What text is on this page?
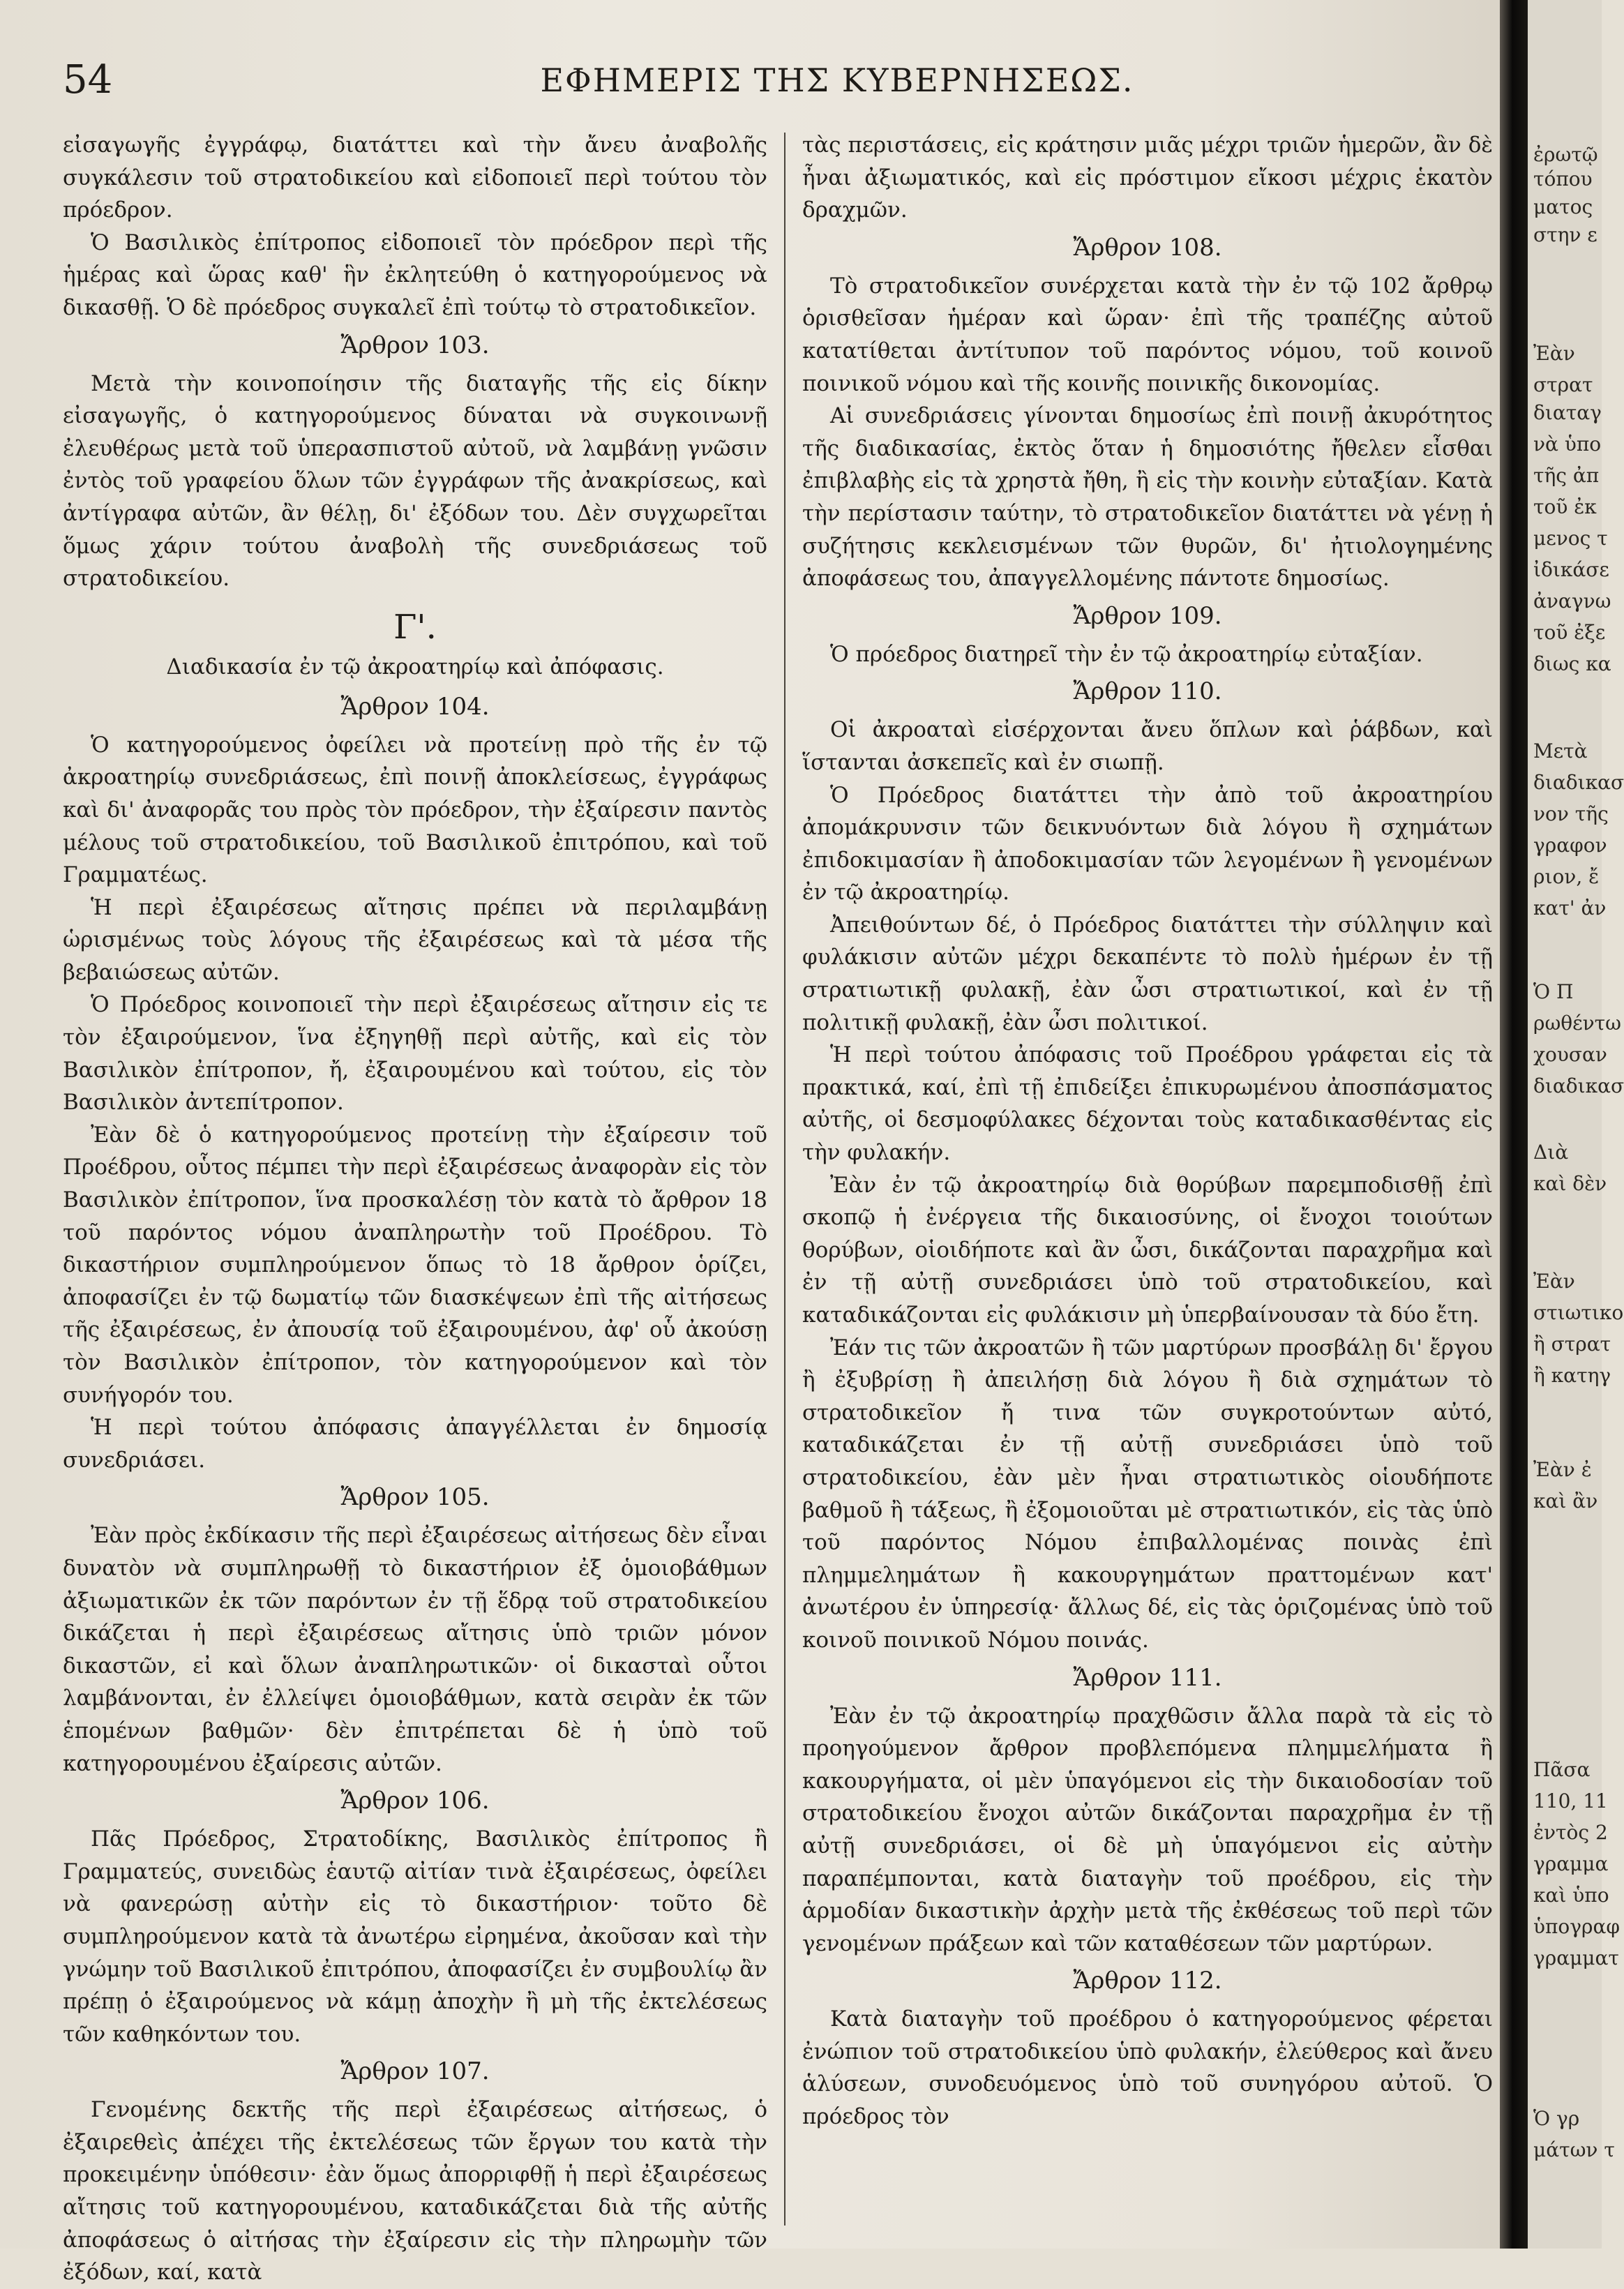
54	ΕΦΗΜΕΡΙΣ ΤΗΣ ΚΥΒΕΡΝΗΣΕΩΣ.

εἰσαγωγῆς ἐγγράφῳ, διατάττει καὶ τὴν ἄνευ ἀναβολῆς συγκάλεσιν τοῦ στρατοδικείου καὶ εἰδοποιεῖ περὶ τούτου τὸν πρόεδρον.

Ὁ Βασιλικὸς ἐπίτροπος εἰδοποιεῖ τὸν πρόεδρον περὶ τῆς ἡμέρας καὶ ὥρας καθ' ἣν ἐκλητεύθη ὁ κατηγορούμενος νὰ δικασθῇ. Ὁ δὲ πρόεδρος συγκαλεῖ ἐπὶ τούτῳ τὸ στρατοδικεῖον.

Ἄρθρον 103.

Μετὰ τὴν κοινοποίησιν τῆς διαταγῆς τῆς εἰς δίκην εἰσαγωγῆς, ὁ κατηγορούμενος δύναται νὰ συγκοινωνῇ ἐλευθέρως μετὰ τοῦ ὑπερασπιστοῦ αὐτοῦ, νὰ λαμβάνῃ γνῶσιν ἐντὸς τοῦ γραφείου ὅλων τῶν ἐγγράφων τῆς ἀνακρίσεως, καὶ ἀντίγραφα αὐτῶν, ἂν θέλῃ, δι' ἐξόδων του. Δὲν συγχωρεῖται ὅμως χάριν τούτου ἀναβολὴ τῆς συνεδριάσεως τοῦ στρατοδικείου.

Γ'.
Διαδικασία ἐν τῷ ἀκροατηρίῳ καὶ ἀπόφασις.
Ἄρθρον 104.

Ὁ κατηγορούμενος ὀφείλει νὰ προτείνῃ πρὸ τῆς ἐν τῷ ἀκροατηρίῳ συνεδριάσεως, ἐπὶ ποινῇ ἀποκλείσεως, ἐγγράφως καὶ δι' ἀναφορᾶς του πρὸς τὸν πρόεδρον, τὴν ἐξαίρεσιν παντὸς μέλους τοῦ στρατοδικείου, τοῦ Βασιλικοῦ ἐπιτρόπου, καὶ τοῦ Γραμματέως.

Ἡ περὶ ἐξαιρέσεως αἴτησις πρέπει νὰ περιλαμβάνῃ ὡρισμένως τοὺς λόγους τῆς ἐξαιρέσεως καὶ τὰ μέσα τῆς βεβαιώσεως αὐτῶν.

Ὁ Πρόεδρος κοινοποιεῖ τὴν περὶ ἐξαιρέσεως αἴτησιν εἰς τε τὸν ἐξαιρούμενον, ἵνα ἐξηγηθῇ περὶ αὐτῆς, καὶ εἰς τὸν Βασιλικὸν ἐπίτροπον, ἤ, ἐξαιρουμένου καὶ τούτου, εἰς τὸν Βασιλικὸν ἀντεπίτροπον.

Ἐὰν δὲ ὁ κατηγορούμενος προτείνῃ τὴν ἐξαίρεσιν τοῦ Προέδρου, οὗτος πέμπει τὴν περὶ ἐξαιρέσεως ἀναφορὰν εἰς τὸν Βασιλικὸν ἐπίτροπον, ἵνα προσκαλέσῃ τὸν κατὰ τὸ ἄρθρον 18 τοῦ παρόντος νόμου ἀναπληρωτὴν τοῦ Προέδρου. Τὸ δικαστήριον συμπληρούμενον ὅπως τὸ 18 ἄρθρον ὁρίζει, ἀποφασίζει ἐν τῷ δωματίῳ τῶν διασκέψεων ἐπὶ τῆς αἰτήσεως τῆς ἐξαιρέσεως, ἐν ἀπουσίᾳ τοῦ ἐξαιρουμένου, ἀφ' οὗ ἀκούσῃ τὸν Βασιλικὸν ἐπίτροπον, τὸν κατηγορούμενον καὶ τὸν συνήγορόν του.

Ἡ περὶ τούτου ἀπόφασις ἀπαγγέλλεται ἐν δημοσίᾳ συνεδριάσει.

Ἄρθρον 105.

Ἐὰν πρὸς ἐκδίκασιν τῆς περὶ ἐξαιρέσεως αἰτήσεως δὲν εἶναι δυνατὸν νὰ συμπληρωθῇ τὸ δικαστήριον ἐξ ὁμοιοβάθμων ἀξιωματικῶν ἐκ τῶν παρόντων ἐν τῇ ἕδρᾳ τοῦ στρατοδικείου δικάζεται ἡ περὶ ἐξαιρέσεως αἴτησις ὑπὸ τριῶν μόνον δικαστῶν, εἰ καὶ ὅλων ἀναπληρωτικῶν· οἱ δικασταὶ οὗτοι λαμβάνονται, ἐν ἐλλείψει ὁμοιοβάθμων, κατὰ σειρὰν ἐκ τῶν ἑπομένων βαθμῶν· δὲν ἐπιτρέπεται δὲ ἡ ὑπὸ τοῦ κατηγορουμένου ἐξαίρεσις αὐτῶν.

Ἄρθρον 106.

Πᾶς Πρόεδρος, Στρατοδίκης, Βασιλικὸς ἐπίτροπος ἢ Γραμματεύς, συνειδὼς ἑαυτῷ αἰτίαν τινὰ ἐξαιρέσεως, ὀφείλει νὰ φανερώσῃ αὐτὴν εἰς τὸ δικαστήριον· τοῦτο δὲ συμπληρούμενον κατὰ τὰ ἀνωτέρω εἰρημένα, ἀκοῦσαν καὶ τὴν γνώμην τοῦ Βασιλικοῦ ἐπιτρόπου, ἀποφασίζει ἐν συμβουλίῳ ἂν πρέπῃ ὁ ἐξαιρούμενος νὰ κάμῃ ἀποχὴν ἢ μὴ τῆς ἐκτελέσεως τῶν καθηκόντων του.

Ἄρθρον 107.

Γενομένης δεκτῆς τῆς περὶ ἐξαιρέσεως αἰτήσεως, ὁ ἐξαιρεθεὶς ἀπέχει τῆς ἐκτελέσεως τῶν ἔργων του κατὰ τὴν προκειμένην ὑπόθεσιν· ἐὰν ὅμως ἀπορριφθῇ ἡ περὶ ἐξαιρέσεως αἴτησις τοῦ κατηγορουμένου, καταδικάζεται διὰ τῆς αὐτῆς ἀποφάσεως ὁ αἰτήσας τὴν ἐξαίρεσιν εἰς τὴν πληρωμὴν τῶν ἐξόδων, καί, κατὰ

τὰς περιστάσεις, εἰς κράτησιν μιᾶς μέχρι τριῶν ἡμερῶν, ἂν δὲ ἦναι ἀξιωματικός, καὶ εἰς πρόστιμον εἴκοσι μέχρις ἑκατὸν δραχμῶν.

Ἄρθρον 108.

Τὸ στρατοδικεῖον συνέρχεται κατὰ τὴν ἐν τῷ 102 ἄρθρῳ ὁρισθεῖσαν ἡμέραν καὶ ὥραν· ἐπὶ τῆς τραπέζης αὐτοῦ κατατίθεται ἀντίτυπον τοῦ παρόντος νόμου, τοῦ κοινοῦ ποινικοῦ νόμου καὶ τῆς κοινῆς ποινικῆς δικονομίας.

Αἱ συνεδριάσεις γίνονται δημοσίως ἐπὶ ποινῇ ἀκυρότητος τῆς διαδικασίας, ἐκτὸς ὅταν ἡ δημοσιότης ἤθελεν εἶσθαι ἐπιβλαβὴς εἰς τὰ χρηστὰ ἤθη, ἢ εἰς τὴν κοινὴν εὐταξίαν. Κατὰ τὴν περίστασιν ταύτην, τὸ στρατοδικεῖον διατάττει νὰ γένῃ ἡ συζήτησις κεκλεισμένων τῶν θυρῶν, δι' ἠτιολογημένης ἀποφάσεως του, ἀπαγγελλομένης πάντοτε δημοσίως.

Ἄρθρον 109.

Ὁ πρόεδρος διατηρεῖ τὴν ἐν τῷ ἀκροατηρίῳ εὐταξίαν.

Ἄρθρον 110.

Οἱ ἀκροαταὶ εἰσέρχονται ἄνευ ὅπλων καὶ ῥάβδων, καὶ ἵστανται ἀσκεπεῖς καὶ ἐν σιωπῇ.

Ὁ Πρόεδρος διατάττει τὴν ἀπὸ τοῦ ἀκροατηρίου ἀπομάκρυνσιν τῶν δεικνυόντων διὰ λόγου ἢ σχημάτων ἐπιδοκιμασίαν ἢ ἀποδοκιμασίαν τῶν λεγομένων ἢ γενομένων ἐν τῷ ἀκροατηρίῳ.

Ἀπειθούντων δέ, ὁ Πρόεδρος διατάττει τὴν σύλληψιν καὶ φυλάκισιν αὐτῶν μέχρι δεκαπέντε τὸ πολὺ ἡμέρων ἐν τῇ στρατιωτικῇ φυλακῇ, ἐὰν ὦσι στρατιωτικοί, καὶ ἐν τῇ πολιτικῇ φυλακῇ, ἐὰν ὦσι πολιτικοί.

Ἡ περὶ τούτου ἀπόφασις τοῦ Προέδρου γράφεται εἰς τὰ πρακτικά, καί, ἐπὶ τῇ ἐπιδείξει ἐπικυρωμένου ἀποσπάσματος αὐτῆς, οἱ δεσμοφύλακες δέχονται τοὺς καταδικασθέντας εἰς τὴν φυλακήν.

Ἐὰν ἐν τῷ ἀκροατηρίῳ διὰ θορύβων παρεμποδισθῇ ἐπὶ σκοπῷ ἡ ἐνέργεια τῆς δικαιοσύνης, οἱ ἔνοχοι τοιούτων θορύβων, οἱοιδήποτε καὶ ἂν ὦσι, δικάζονται παραχρῆμα καὶ ἐν τῇ αὐτῇ συνεδριάσει ὑπὸ τοῦ στρατοδικείου, καὶ καταδικάζονται εἰς φυλάκισιν μὴ ὑπερβαίνουσαν τὰ δύο ἔτη.

Ἐάν τις τῶν ἀκροατῶν ἢ τῶν μαρτύρων προσβάλῃ δι' ἔργου ἢ ἐξυβρίσῃ ἢ ἀπειλήσῃ διὰ λόγου ἢ διὰ σχημάτων τὸ στρατοδικεῖον ἤ τινα τῶν συγκροτούντων αὐτό, καταδικάζεται ἐν τῇ αὐτῇ συνεδριάσει ὑπὸ τοῦ στρατοδικείου, ἐὰν μὲν ἦναι στρατιωτικὸς οἱουδήποτε βαθμοῦ ἢ τάξεως, ἢ ἐξομοιοῦται μὲ στρατιωτικόν, εἰς τὰς ὑπὸ τοῦ παρόντος Νόμου ἐπιβαλλομένας ποινὰς ἐπὶ πλημμελημάτων ἢ κακουργημάτων πραττομένων κατ' ἀνωτέρου ἐν ὑπηρεσίᾳ· ἄλλως δέ, εἰς τὰς ὁριζομένας ὑπὸ τοῦ κοινοῦ ποινικοῦ Νόμου ποινάς.

Ἄρθρον 111.

Ἐὰν ἐν τῷ ἀκροατηρίῳ πραχθῶσιν ἄλλα παρὰ τὰ εἰς τὸ προηγούμενον ἄρθρον προβλεπόμενα πλημμελήματα ἢ κακουργήματα, οἱ μὲν ὑπαγόμενοι εἰς τὴν δικαιοδοσίαν τοῦ στρατοδικείου ἔνοχοι αὐτῶν δικάζονται παραχρῆμα ἐν τῇ αὐτῇ συνεδριάσει, οἱ δὲ μὴ ὑπαγόμενοι εἰς αὐτὴν παραπέμπονται, κατὰ διαταγὴν τοῦ προέδρου, εἰς τὴν ἁρμοδίαν δικαστικὴν ἀρχὴν μετὰ τῆς ἐκθέσεως τοῦ περὶ τῶν γενομένων πράξεων καὶ τῶν καταθέσεων τῶν μαρτύρων.

Ἄρθρον 112.

Κατὰ διαταγὴν τοῦ προέδρου ὁ κατηγορούμενος φέρεται ἐνώπιον τοῦ στρατοδικείου ὑπὸ φυλακήν, ἐλεύθερος καὶ ἄνευ ἁλύσεων, συνοδευόμενος ὑπὸ τοῦ συνηγόρου αὐτοῦ. Ὁ πρόεδρος τὸν

ἐρωτῷ
τόπου
ματος
στην ε
Ἐὰν
στρατ
διαταγ
νὰ ὑπο
τῆς ἀπ
τοῦ ἐκ
μενος τ
ἰδικάσε
ἀναγνω
τοῦ ἐξε
διως κα
Μετὰ
διαδικασ
νον τῆς
γραφον
ριον, ἔ
κατ' ἀν
Ὁ Π
ρωθέντω
χουσαν
διαδικασ
Διὰ
καὶ δὲν
Ἐὰν
στιωτικο
ἢ στρατ
ἢ κατηγ
Ἐὰν ἐ
καὶ ἂν
Πᾶσα
110, 11
ἐντὸς 2
γραμμα
καὶ ὑπο
ὑπογραφ
γραμματ
Ὁ γρ
μάτων τ
